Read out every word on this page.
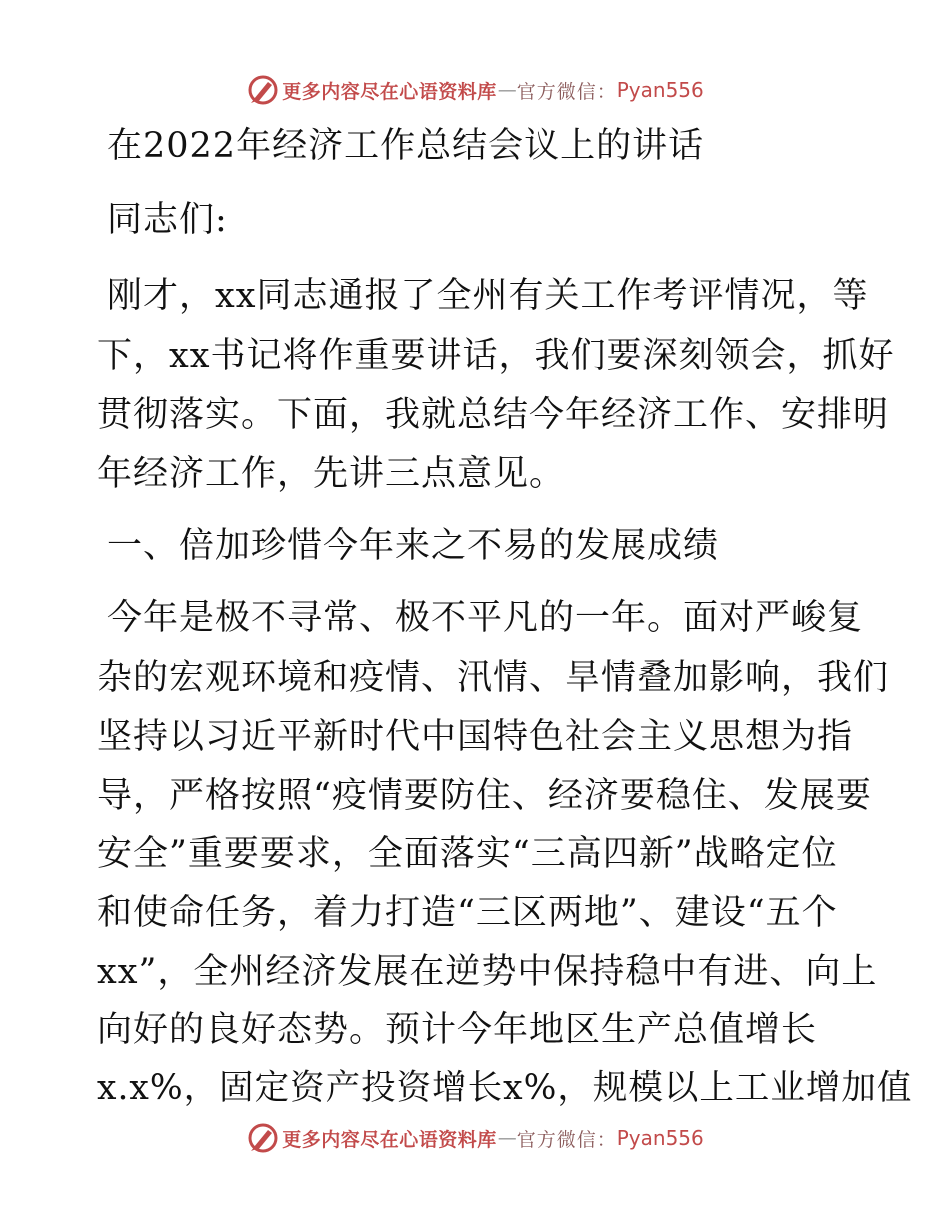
更多内容尽在心语资料库 — 官方微信： Pyan556
在2022年经济工作总结会议上的讲话
同志们:
刚才，xx同志通报了全州有关工作考评情况，等
下，xx书记将作重要讲话，我们要深刻领会，抓好
贯彻落实。下面，我就总结今年经济工作、安排明
年经济工作，先讲三点意见。
一、倍加珍惜今年来之不易的发展成绩
今年是极不寻常、极不平凡的一年。面对严峻复
杂的宏观环境和疫情、汛情、旱情叠加影响，我们
坚持以习近平新时代中国特色社会主义思想为指
导，严格按照“疫情要防住、经济要稳住、发展要
安全”重要要求，全面落实“三高四新”战略定位
和使命任务，着力打造“三区两地”、建设“五个
xx”，全州经济发展在逆势中保持稳中有进、向上
向好的良好态势。预计今年地区生产总值增长
x.x%，固定资产投资增长x%，规模以上工业增加值
更多内容尽在心语资料库 — 官方微信： Pyan556
